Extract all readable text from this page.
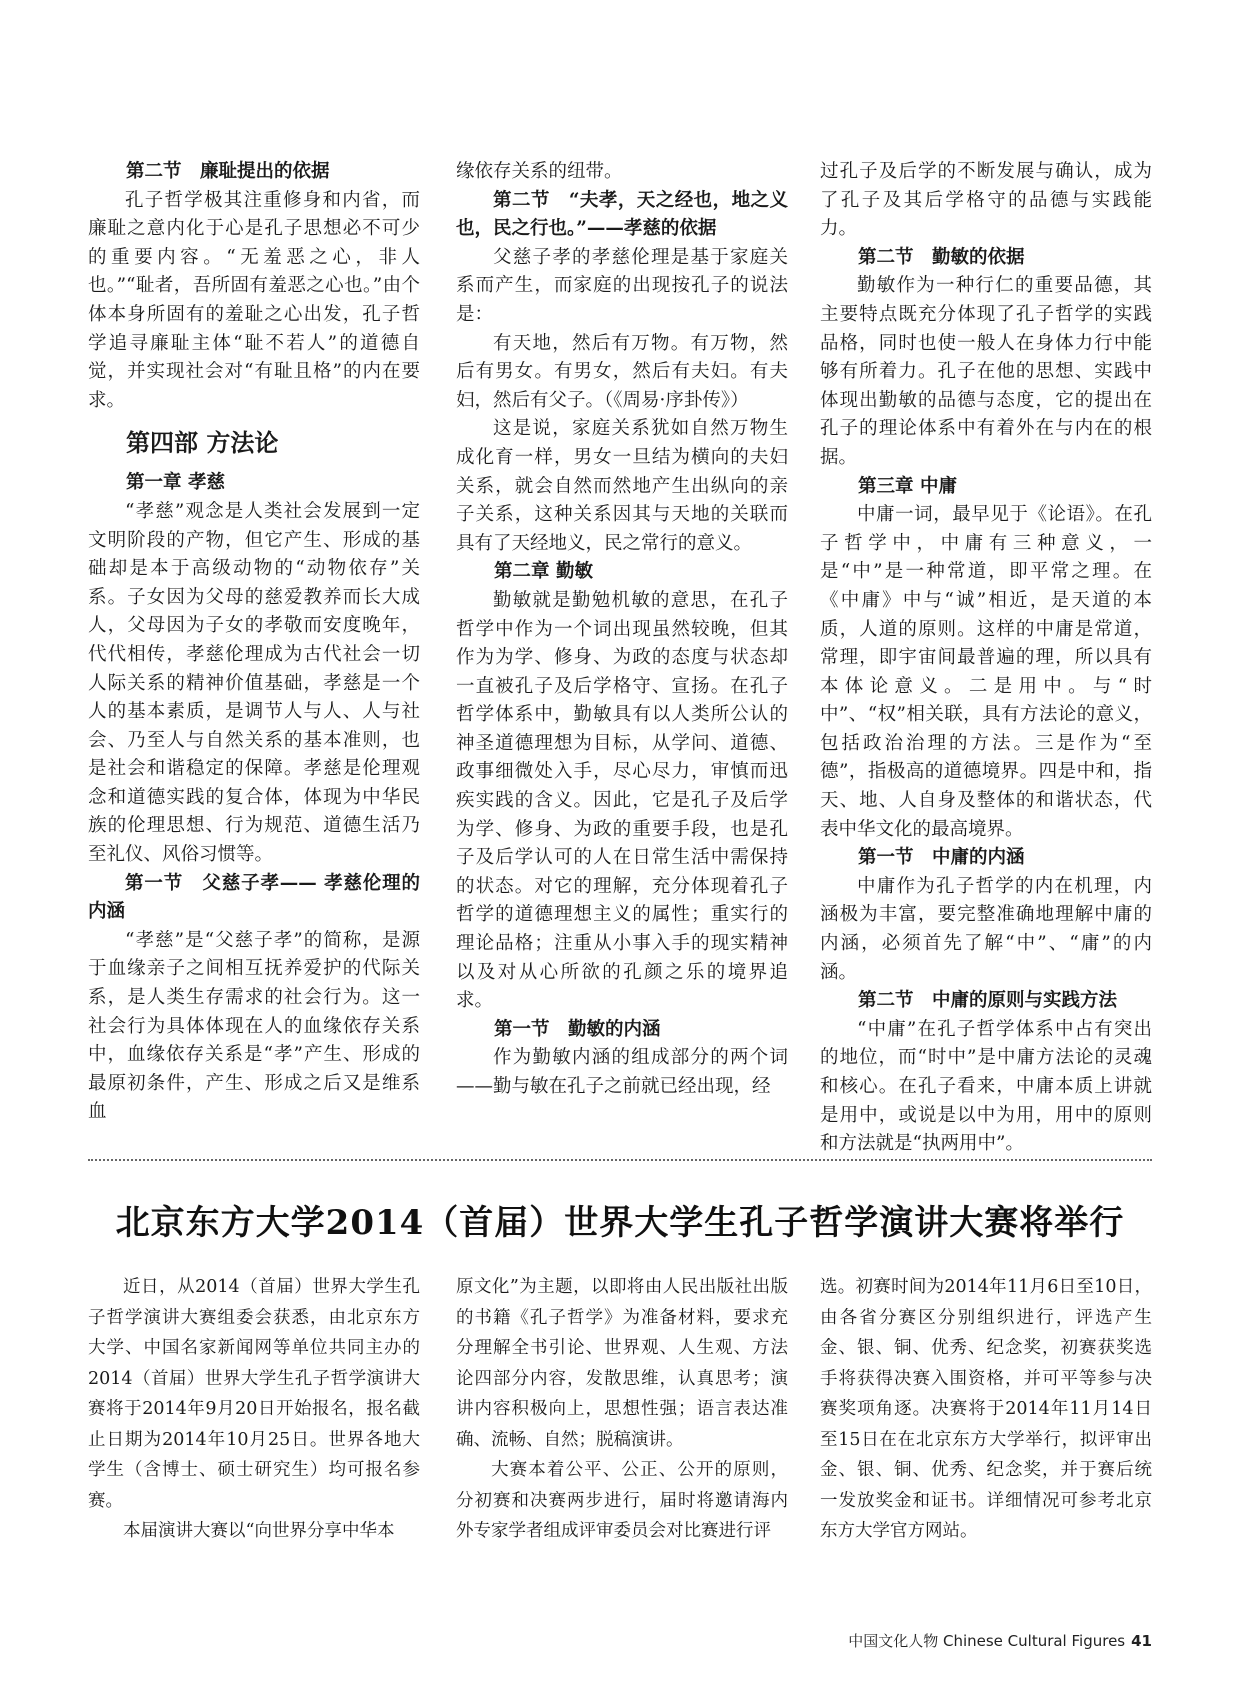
第二节　廉耻提出的依据

孔子哲学极其注重修身和内省，而廉耻之意内化于心是孔子思想必不可少的重要内容。“无羞恶之心，非人也。”“耻者，吾所固有羞恶之心也。”由个体本身所固有的羞耻之心出发，孔子哲学追寻廉耻主体“耻不若人”的道德自觉，并实现社会对“有耻且格”的内在要求。

第四部 方法论

第一章 孝慈

“孝慈”观念是人类社会发展到一定文明阶段的产物，但它产生、形成的基础却是本于高级动物的“动物依存”关系。子女因为父母的慈爱教养而长大成人，父母因为子女的孝敬而安度晚年，代代相传，孝慈伦理成为古代社会一切人际关系的精神价值基础，孝慈是一个人的基本素质，是调节人与人、人与社会、乃至人与自然关系的基本准则，也是社会和谐稳定的保障。孝慈是伦理观念和道德实践的复合体，体现为中华民族的伦理思想、行为规范、道德生活乃至礼仪、风俗习惯等。

第一节　父慈子孝—— 孝慈伦理的内涵

“孝慈”是“父慈子孝”的简称，是源于血缘亲子之间相互抚养爱护的代际关系，是人类生存需求的社会行为。这一社会行为具体体现在人的血缘依存关系中，血缘依存关系是“孝”产生、形成的最原初条件，产生、形成之后又是维系血

缘依存关系的纽带。

第二节　“夫孝，天之经也，地之义也，民之行也。”——孝慈的依据

父慈子孝的孝慈伦理是基于家庭关系而产生，而家庭的出现按孔子的说法是：

有天地，然后有万物。有万物，然后有男女。有男女，然后有夫妇。有夫妇，然后有父子。（《周易·序卦传》）

这是说，家庭关系犹如自然万物生成化育一样，男女一旦结为横向的夫妇关系，就会自然而然地产生出纵向的亲子关系，这种关系因其与天地的关联而具有了天经地义，民之常行的意义。

第二章 勤敏

勤敏就是勤勉机敏的意思，在孔子哲学中作为一个词出现虽然较晚，但其作为为学、修身、为政的态度与状态却一直被孔子及后学格守、宣扬。在孔子哲学体系中，勤敏具有以人类所公认的神圣道德理想为目标，从学问、道德、政事细微处入手，尽心尽力，审慎而迅疾实践的含义。因此，它是孔子及后学为学、修身、为政的重要手段，也是孔子及后学认可的人在日常生活中需保持的状态。对它的理解，充分体现着孔子哲学的道德理想主义的属性；重实行的理论品格；注重从小事入手的现实精神以及对从心所欲的孔颜之乐的境界追求。

第一节　勤敏的内涵

作为勤敏内涵的组成部分的两个词——勤与敏在孔子之前就已经出现，经

过孔子及后学的不断发展与确认，成为了孔子及其后学格守的品德与实践能力。

第二节　勤敏的依据

勤敏作为一种行仁的重要品德，其主要特点既充分体现了孔子哲学的实践品格，同时也使一般人在身体力行中能够有所着力。孔子在他的思想、实践中体现出勤敏的品德与态度，它的提出在孔子的理论体系中有着外在与内在的根据。

第三章 中庸

中庸一词，最早见于《论语》。在孔子哲学中，中庸有三种意义，一是“中”是一种常道，即平常之理。在《中庸》中与“诚”相近，是天道的本质，人道的原则。这样的中庸是常道，常理，即宇宙间最普遍的理，所以具有本体论意义。二是用中。与“时中”、“权”相关联，具有方法论的意义，包括政治治理的方法。三是作为“至德”，指极高的道德境界。四是中和，指天、地、人自身及整体的和谐状态，代表中华文化的最高境界。

第一节　中庸的内涵

中庸作为孔子哲学的内在机理，内涵极为丰富，要完整准确地理解中庸的内涵，必须首先了解“中”、“庸”的内涵。

第二节　中庸的原则与实践方法

“中庸”在孔子哲学体系中占有突出的地位，而“时中”是中庸方法论的灵魂和核心。在孔子看来，中庸本质上讲就是用中，或说是以中为用，用中的原则和方法就是“执两用中”。

北京东方大学2014（首届）世界大学生孔子哲学演讲大赛将举行

近日，从2014（首届）世界大学生孔子哲学演讲大赛组委会获悉，由北京东方大学、中国名家新闻网等单位共同主办的2014（首届）世界大学生孔子哲学演讲大赛将于2014年9月20日开始报名，报名截止日期为2014年10月25日。世界各地大学生（含博士、硕士研究生）均可报名参赛。

本届演讲大赛以“向世界分享中华本

原文化”为主题，以即将由人民出版社出版的书籍《孔子哲学》为准备材料，要求充分理解全书引论、世界观、人生观、方法论四部分内容，发散思维，认真思考；演讲内容积极向上，思想性强；语言表达准确、流畅、自然；脱稿演讲。

大赛本着公平、公正、公开的原则，分初赛和决赛两步进行，届时将邀请海内外专家学者组成评审委员会对比赛进行评

选。初赛时间为2014年11月6日至10日，由各省分赛区分别组织进行，评选产生金、银、铜、优秀、纪念奖，初赛获奖选手将获得决赛入围资格，并可平等参与决赛奖项角逐。决赛将于2014年11月14日至15日在在北京东方大学举行，拟评审出金、银、铜、优秀、纪念奖，并于赛后统一发放奖金和证书。详细情况可参考北京东方大学官方网站。

中国文化人物 Chinese Cultural Figures 41
